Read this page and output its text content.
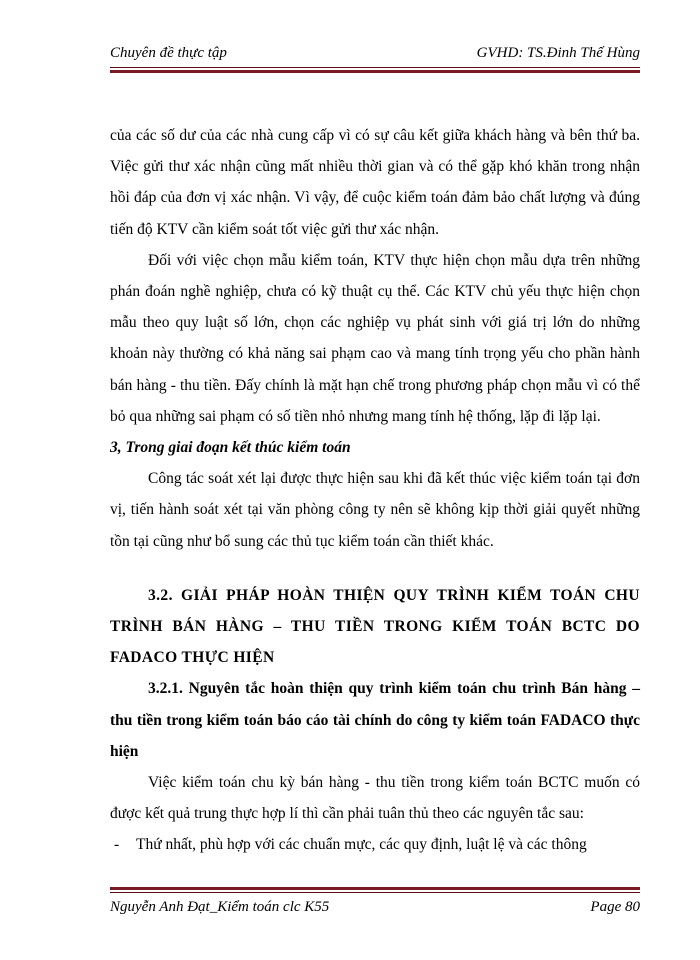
Chuyên đề thực tập	GVHD: TS.Đinh Thế Hùng

của các số dư của các nhà cung cấp vì có sự câu kết giữa khách hàng và bên thứ ba. Việc gửi thư xác nhận cũng mất nhiều thời gian và có thể gặp khó khăn trong nhận hồi đáp của đơn vị xác nhận. Vì vậy, để cuộc kiểm toán đảm bảo chất lượng và đúng tiến độ KTV cần kiểm soát tốt việc gửi thư xác nhận.

Đối với việc chọn mẫu kiểm toán, KTV thực hiện chọn mẫu dựa trên những phán đoán nghề nghiệp, chưa có kỹ thuật cụ thể. Các KTV chủ yếu thực hiện chọn mẫu theo quy luật số lớn, chọn các nghiệp vụ phát sinh với giá trị lớn do những khoản này thường có khả năng sai phạm cao và mang tính trọng yếu cho phần hành bán hàng - thu tiền. Đấy chính là mặt hạn chế trong phương pháp chọn mẫu vì có thể bỏ qua những sai phạm có số tiền nhỏ nhưng mang tính hệ thống, lặp đi lặp lại.

3, Trong giai đoạn kết thúc kiểm toán

Công tác soát xét lại được thực hiện sau khi đã kết thúc việc kiểm toán tại đơn vị, tiến hành soát xét tại văn phòng công ty nên sẽ không kịp thời giải quyết những tồn tại cũng như bổ sung các thủ tục kiểm toán cần thiết khác.

3.2. GIẢI PHÁP HOÀN THIỆN QUY TRÌNH KIỂM TOÁN CHU TRÌNH BÁN HÀNG – THU TIỀN TRONG KIỂM TOÁN BCTC DO FADACO THỰC HIỆN

3.2.1. Nguyên tắc hoàn thiện quy trình kiểm toán chu trình Bán hàng – thu tiền trong kiểm toán báo cáo tài chính do công ty kiểm toán FADACO thực hiện

Việc kiểm toán chu kỳ bán hàng - thu tiền trong kiểm toán BCTC muốn có được kết quả trung thực hợp lí thì cần phải tuân thủ theo các nguyên tắc sau:

-	Thứ nhất, phù hợp với các chuẩn mực, các quy định, luật lệ và các thông
Nguyễn Anh Đạt_Kiểm toán clc K55	Page 80
